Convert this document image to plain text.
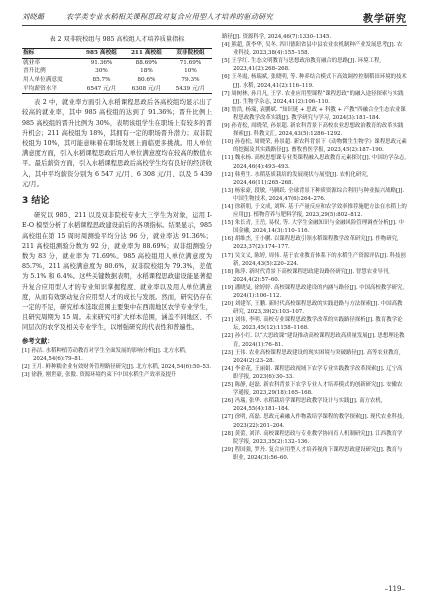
刘晓璐	农学类专业水稻相关课程思政对复合应用型人才培养的驱动研究	教学研究
表 2 双非院校组与 985 高校组人才培养质量指标
指标	985 高校组	211 高校组	双非院校组
就业率	91.36%	88.69%	71.69%
晋升比例	30%	18%	10%
用人单位满意度	85.7%	80.6%	79.3%
平均薪资水平	6547 元/月	6308 元/月	5439 元/月

表 2 中，就业率方面引入水稻课程思政后各高校组均显示出了较高的就业率，其中 985 高校组的达到了 91.36%；晋升比例上 985 高校组的晋升比例为 30%，表明该组学生在职场上有较多的晋升机会；211 高校组为 18%，其拥有一定的职场晋升潜力；双非院校组为 10%，其可能意味着在职场发展上面临更多挑战。用人单位满意度方面，引入水稻课程思政后用人单位满意度均在较高的数值水平。最后薪资方面，引入水稻课程思政后高校学生均有良好的经济收入，其中平均薪资分别为 6 547 元/月、6 308 元/月、以及 5 439 元/月。

3 结论

研究以 985、211 以及双非院校专业大三学生为对象，运用 I-E-O 模型分析了水稻课程思政建设前后的各项指标。结果显示，985 高校组在第 15 周时周测验平均分达 96 分，就业率达 91.36%；211 高校组测验分数为 92 分，就业率为 88.69%；双非组测验分数为 83 分，就业率为 71.69%。985 高校组用人单位满意度为 85.7%，211 高校满意度为 80.6%，双非院校组为 79.3%，差值为 5.1% 和 6.4%。这些关键数据表明，水稻课程思政建设能显著提升复合应用型人才的专业知识掌握程度、就业率以及用人单位满意度，从而有效驱动复合应用型人才的成长与发展。然而，研究仍存在一定的不足，研究样本选取范围主要集中在西南地区农学专业学生，且研究周期为 15 周。未来研究可扩大样本范围，涵盖不同地区、不同层次的农学及相关专业学生，以增强研究的代表性和普遍性。

参考文献：
[1] 孙洁. 水稻种植劳动教育对学生全面发展的影响分析[J]. 北方水稻, 2024,54(6):79–81.
[2] 王月. 鲜种糯企业有效财务管理路径研究[J]. 北方水稻, 2024,54(6):50–53.
[3] 徐静, 刚世豪, 张傲. 资源环境约束下中国水稻生产效率及提升
路径[J]. 资源科学, 2024,46(7):1330–1345.
[4] 熊超, 黄李华, 吴冬. 四川德阳省县中县农业农机制种产业发展思考[J]. 农业科技, 2023,38(4):155–158.
[5] 王学红. 生态文明教育与思想政治教育融合的思路[J]. 环境工程, 2023,41(2):268–268.
[6] 王冬霞, 杨瑞斌, 张晓明, 等. 种养结合模式下高效调控控制稻田环境的技术[J]. 水稻, 2024,41(2):116–119.
[7] 周树林, 孙月凡, 王学. 农业应用型课程“课程思政”的融入途径探索与实践[J]. 生物学杂志, 2024,41(2):106–110.
[8] 詹浩, 杨瑞, 袁鹏斌. “知识链 + 思政 + 科教 + 产教”四融合全生态农业课程思政教学改革实践[J]. 教学研究与学习, 2024(3):181–184.
[9] 孙青松, 周晓荣, 孙景超. 新农科背景下高校农业思想政治教育的改革实践探索[J]. 科教文汇, 2024,43(5):1286–1292.
[10] 孙卷松, 周晓荣, 孙景超. 新农科背景下《动物微生生物学》课程思政元素的挖掘及其实践路径[J]. 畜牧兽医学报, 2023,45(2):187–190.
[11] 魏永杨. 高校思想课专业类课程融入思政教育元素探讨[J]. 中国坊学杂志, 2024,46(4):493–493.
[12] 韩勇生. 水稻基质栽培的发展现状与展望[J]. 农机化研究, 2024,46(11):265–268.
[13] 杨家豪, 段敏, 马腾跃. 全球背景下种质资源综合利用与种业振兴战略[J]. 中国生物技术, 2024,47(6):264–276.
[14] 徐新朋, 于文成, 刘辉. 基于产量反应和农学效率推荐施肥方法在水稻上的应用[J]. 植物营养与肥料学报, 2023,29(5):802–812.
[15] 朱长青, 王岳, 易权, 等. 大学生金融知识与金融风险管理调查分析[J]. 中国金融, 2024,14(3):110–116.
[16] 胡维杰, 王小鹏. 以课程思政引领水稻课程教学改革研究[J]. 作物研究, 2023,37(2):174–177.
[17] 吴文义, 陈婷, 周伟. 基于农业教育体系下的水稻生产资源评估[J]. 科技创新, 2024,43(5):220–224.
[18] 陈萍. 新时代背景下高校课程思政建设路径研究[J]. 智慧农业导刊, 2024,4(2):57–60.
[19] 潘晓旻, 徐婷婷. 高校课程思政建设的内涵与路径[J]. 中国高校教学研究, 2024(1):106–112.
[20] 刘建军, 王鹏. 新时代高校课程思政的实践进路与方法探索[J]. 中国高教研究, 2023,39(2):103–107.
[21] 刘伟, 李明. 高校专业课程思政教学改革的实践路径探析[J]. 教育教学论坛, 2023,45(12):1158–1168.
[22] 孙小红. 以“大思政课”建设推动高校课程思政高质量发展[J]. 思想理论教育, 2024(1):76–81.
[23] 王伟. 农业高校课程思政建设的现实困境与突破路径[J]. 高等农业教育, 2024(2):23–28.
[24] 李金花, 王丽娟. 课程思政视域下农学专业实践教学改革探索[J]. 辽宁高职学报, 2023(6):30–33.
[25] 陈静, 赵磊. 新农科背景下农学专业人才培养模式的创新研究[J]. 安徽农学通报, 2023,29(18):165–168.
[26] 冯瑞, 张华. 水稻栽培学课程思政教学设计与实践[J]. 南方农机, 2024,55(4):181–184.
[27] 徐明, 高磊. 思政元素融入作物栽培学课程的教学探索[J]. 现代农业科技, 2023(22):201–204.
[28] 黄蕾, 刘洋. 高校课程思政与专业教学协同育人机制研究[J]. 江西教育学院学报, 2023,35(2):132–136.
[29] 程国强, 罗丹. 复合应用型人才培养视角下课程思政建设研究[J]. 教育与职业, 2024(3):56–60.
–119–
